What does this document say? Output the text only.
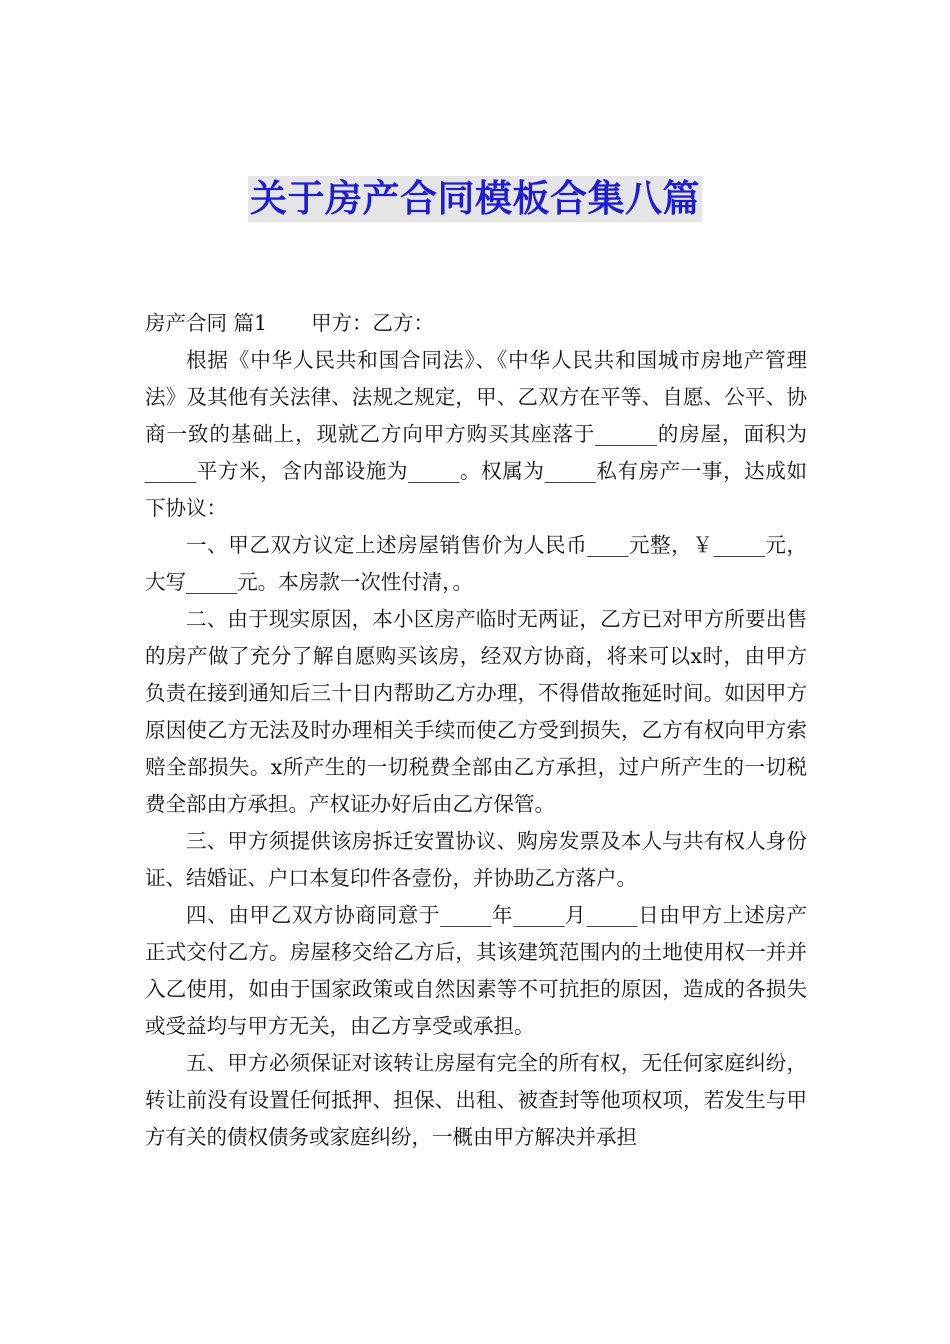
关于房产合同模板合集八篇

房产合同 篇1 甲方：乙方：

根据《中华人民共和国合同法》、《中华人民共和国城市房地产管理法》及其他有关法律、法规之规定，甲、乙双方在平等、自愿、公平、协商一致的基础上，现就乙方向甲方购买其座落于______的房屋，面积为_____平方米，含内部设施为_____。权属为_____私有房产一事，达成如下协议：

一、甲乙双方议定上述房屋销售价为人民币____元整，￥_____元，大写_____元。本房款一次性付清，。

二、由于现实原因，本小区房产临时无两证，乙方已对甲方所要出售的房产做了充分了解自愿购买该房，经双方协商，将来可以x时，由甲方负责在接到通知后三十日内帮助乙方办理，不得借故拖延时间。如因甲方原因使乙方无法及时办理相关手续而使乙方受到损失，乙方有权向甲方索赔全部损失。x所产生的一切税费全部由乙方承担，过户所产生的一切税费全部由方承担。产权证办好后由乙方保管。

三、甲方须提供该房拆迁安置协议、购房发票及本人与共有权人身份证、结婚证、户口本复印件各壹份，并协助乙方落户。

四、由甲乙双方协商同意于_____年_____月_____日由甲方上述房产正式交付乙方。房屋移交给乙方后，其该建筑范围内的土地使用权一并并入乙使用，如由于国家政策或自然因素等不可抗拒的原因，造成的各损失或受益均与甲方无关，由乙方享受或承担。

五、甲方必须保证对该转让房屋有完全的所有权，无任何家庭纠纷，转让前没有设置任何抵押、担保、出租、被查封等他项权项，若发生与甲方有关的债权债务或家庭纠纷，一概由甲方解决并承担
